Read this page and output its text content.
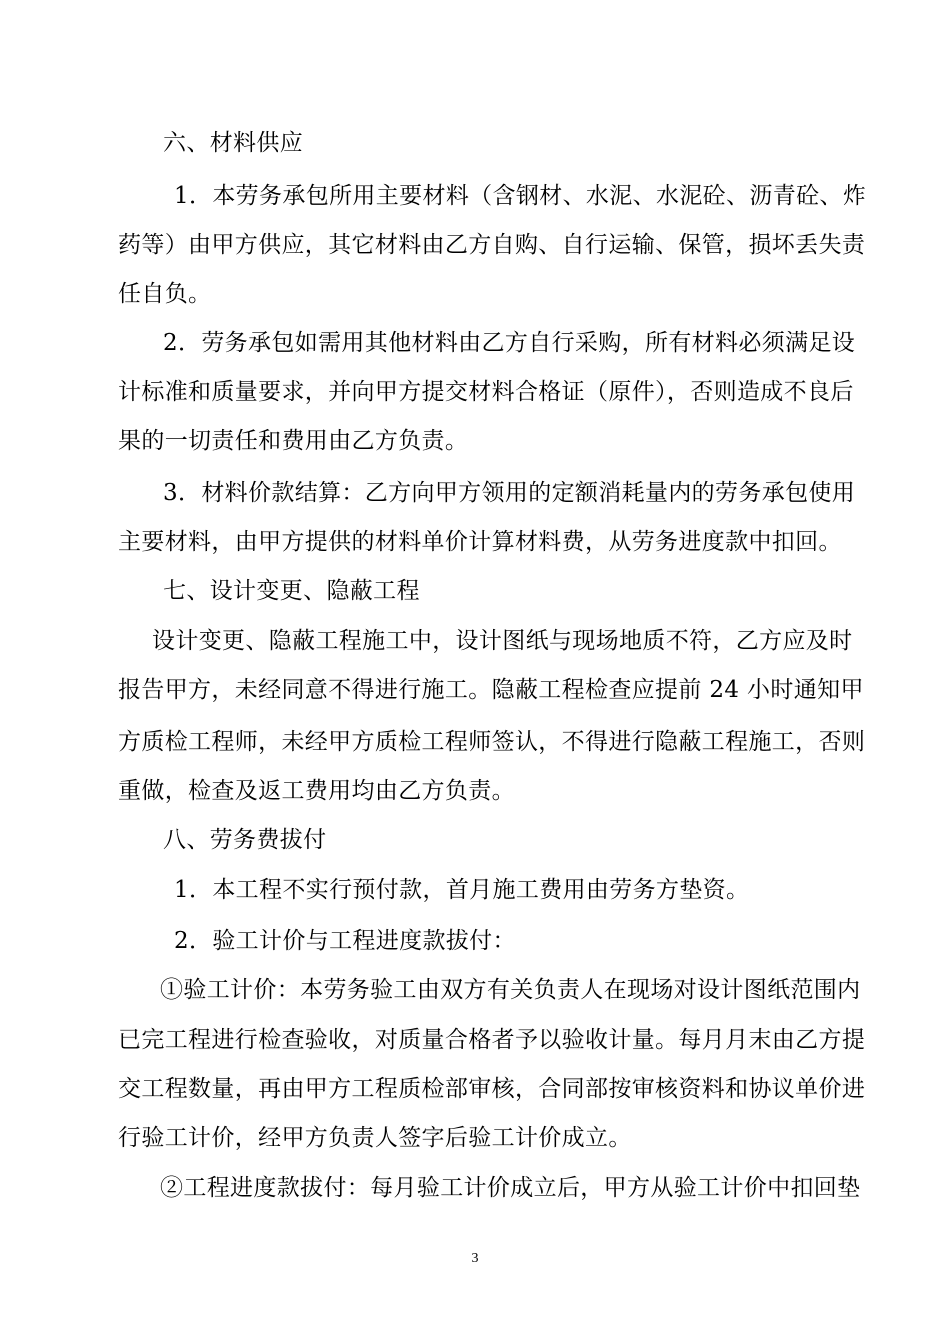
六、材料供应
1．本劳务承包所用主要材料（含钢材、水泥、水泥砼、沥青砼、炸
药等）由甲方供应，其它材料由乙方自购、自行运输、保管，损坏丢失责
任自负。
2．劳务承包如需用其他材料由乙方自行采购，所有材料必须满足设
计标准和质量要求，并向甲方提交材料合格证（原件），否则造成不良后
果的一切责任和费用由乙方负责。
3．材料价款结算：乙方向甲方领用的定额消耗量内的劳务承包使用
主要材料，由甲方提供的材料单价计算材料费，从劳务进度款中扣回。
七、设计变更、隐蔽工程
设计变更、隐蔽工程施工中，设计图纸与现场地质不符，乙方应及时
报告甲方，未经同意不得进行施工。隐蔽工程检查应提前 24 小时通知甲
方质检工程师，未经甲方质检工程师签认，不得进行隐蔽工程施工，否则
重做，检查及返工费用均由乙方负责。
八、劳务费拔付
1．本工程不实行预付款，首月施工费用由劳务方垫资。
2．验工计价与工程进度款拔付：
①验工计价：本劳务验工由双方有关负责人在现场对设计图纸范围内
已完工程进行检查验收，对质量合格者予以验收计量。每月月末由乙方提
交工程数量，再由甲方工程质检部审核，合同部按审核资料和协议单价进
行验工计价，经甲方负责人签字后验工计价成立。
②工程进度款拔付：每月验工计价成立后，甲方从验工计价中扣回垫
3
